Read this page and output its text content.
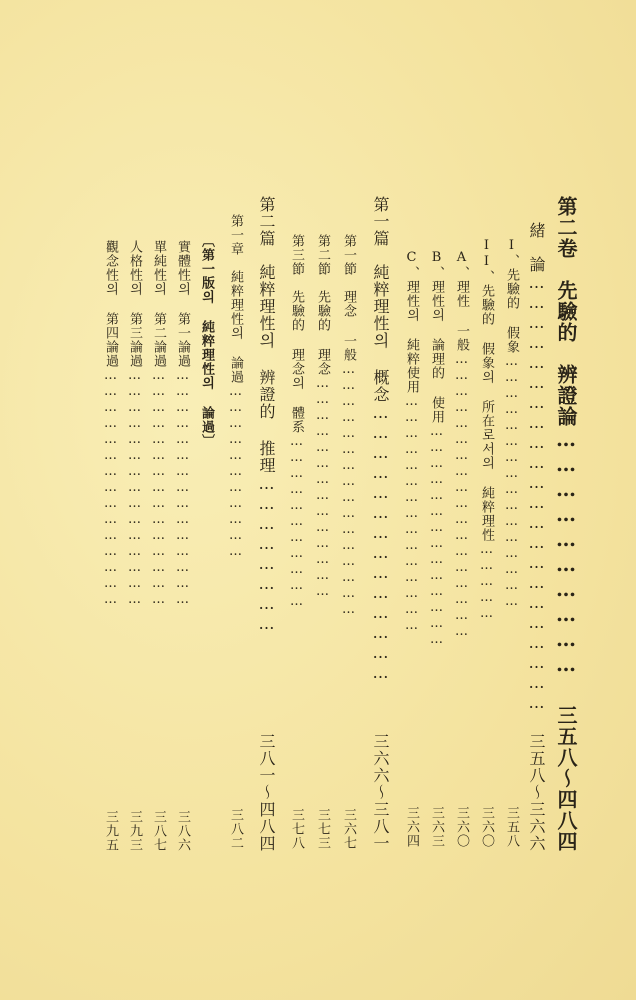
第二卷　先驗的　辨證論…………………………
三五八～四八四
緒　論…………………………………………………………
三五八～三六六
I、先驗的 假象…………………………………………
三五八
II、先驗的 假象의 所在로서의 純粹理性……………
三六〇
A、理性 一般………………………………………………
三六〇
B、理性의 論理的 使用……………………………………
三六三
C、理性의 純粹使用………………………………………
三六四
第一篇　純粹理性의 概念……………………………………
三六六～三八一
第一節　理念 一般…………………………………………
三六七
第二節　先驗的 理念……………………………………
三七三
第三節　先驗的 理念의 體系……………………………
三七八
第二篇　純粹理性의 辨證的 推理……………………
三八一～四八四
第一章　純粹理性의 論過……………………………
三八二
〔第一版의 純粹理性의 論過〕
實體性의 第一論過………………………………………
三八六
單純性의 第二論過………………………………………
三八七
人格性의 第三論過………………………………………
三九三
觀念性의 第四論過………………………………………
三九五
